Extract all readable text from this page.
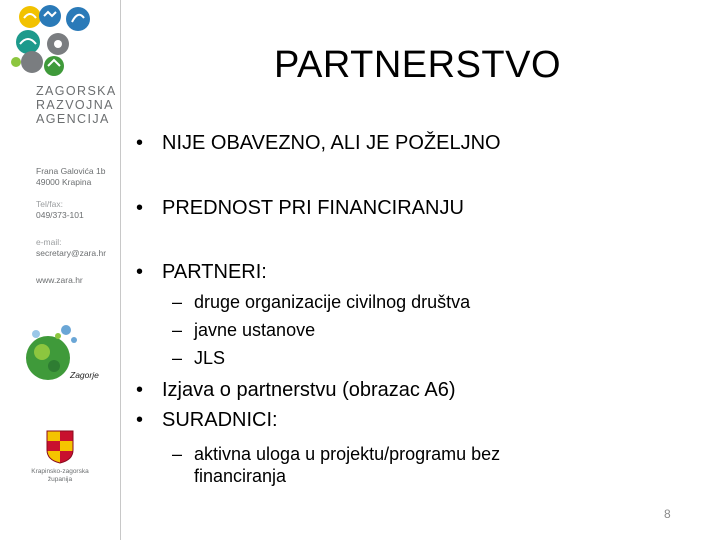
ZAGORSKA
RAZVOJNA
AGENCIJA
Frana Galovića 1b
49000 Krapina
Tel/fax:
049/373-101
e-mail:
secretary@zara.hr
www.zara.hr
Zagorje
Krapinsko-zagorska županija
PARTNERSTVO
• NIJE OBAVEZNO, ALI JE POŽELJNO
• PREDNOST PRI FINANCIRANJU
• PARTNERI:
– druge organizacije civilnog društva
– javne ustanove
– JLS
• Izjava o partnerstvu (obrazac A6)
• SURADNICI:
– aktivna uloga u projektu/programu bez
financiranja
8
